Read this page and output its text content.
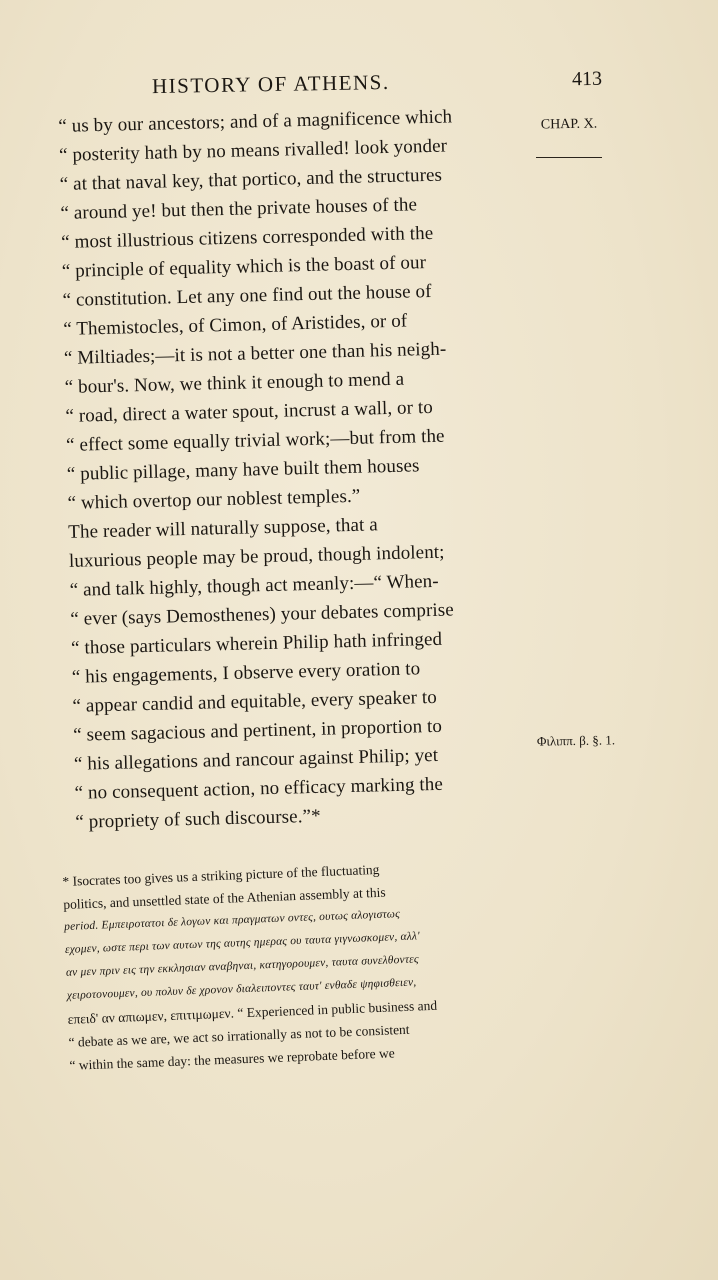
HISTORY OF ATHENS.	413
CHAP. X.
Φιλιππ. β. §. 1.
“ us by our ancestors; and of a magnificence which
“ posterity hath by no means rivalled! look yonder
“ at that naval key, that portico, and the structures
“ around ye! but then the private houses of the
“ most illustrious citizens corresponded with the
“ principle of equality which is the boast of our
“ constitution. Let any one find out the house of
“ Themistocles, of Cimon, of Aristides, or of
“ Miltiades;—it is not a better one than his neigh-
“ bour's. Now, we think it enough to mend a
“ road, direct a water spout, incrust a wall, or to
“ effect some equally trivial work;—but from the
“ public pillage, many have built them houses
“ which overtop our noblest temples.”
The reader will naturally suppose, that a
luxurious people may be proud, though indolent;
“ and talk highly, though act meanly:—“ When-
“ ever (says Demosthenes) your debates comprise
“ those particulars wherein Philip hath infringed
“ his engagements, I observe every oration to
“ appear candid and equitable, every speaker to
“ seem sagacious and pertinent, in proportion to
“ his allegations and rancour against Philip; yet
“ no consequent action, no efficacy marking the
“ propriety of such discourse.”*
* Isocrates too gives us a striking picture of the fluctuating
politics, and unsettled state of the Athenian assembly at this
period. Εμπειροτατοι δε λογων και πραγματων οντες, ουτως αλογιστως
εχομεν, ωστε περι των αυτων της αυτης ημερας ου ταυτα γιγνωσκομεν, αλλ'
αν μεν πριν εις την εκκλησιαν αναβηναι, κατηγορουμεν, ταυτα συνελθοντες
χειροτονουμεν, ου πολυν δε χρονον διαλειποντες ταυτ' ενθαδε ψηφισθειεν,
επειδ' αν απιωμεν, επιτιμωμεν. “ Experienced in public business and
“ debate as we are, we act so irrationally as not to be consistent
“ within the same day: the measures we reprobate before we
